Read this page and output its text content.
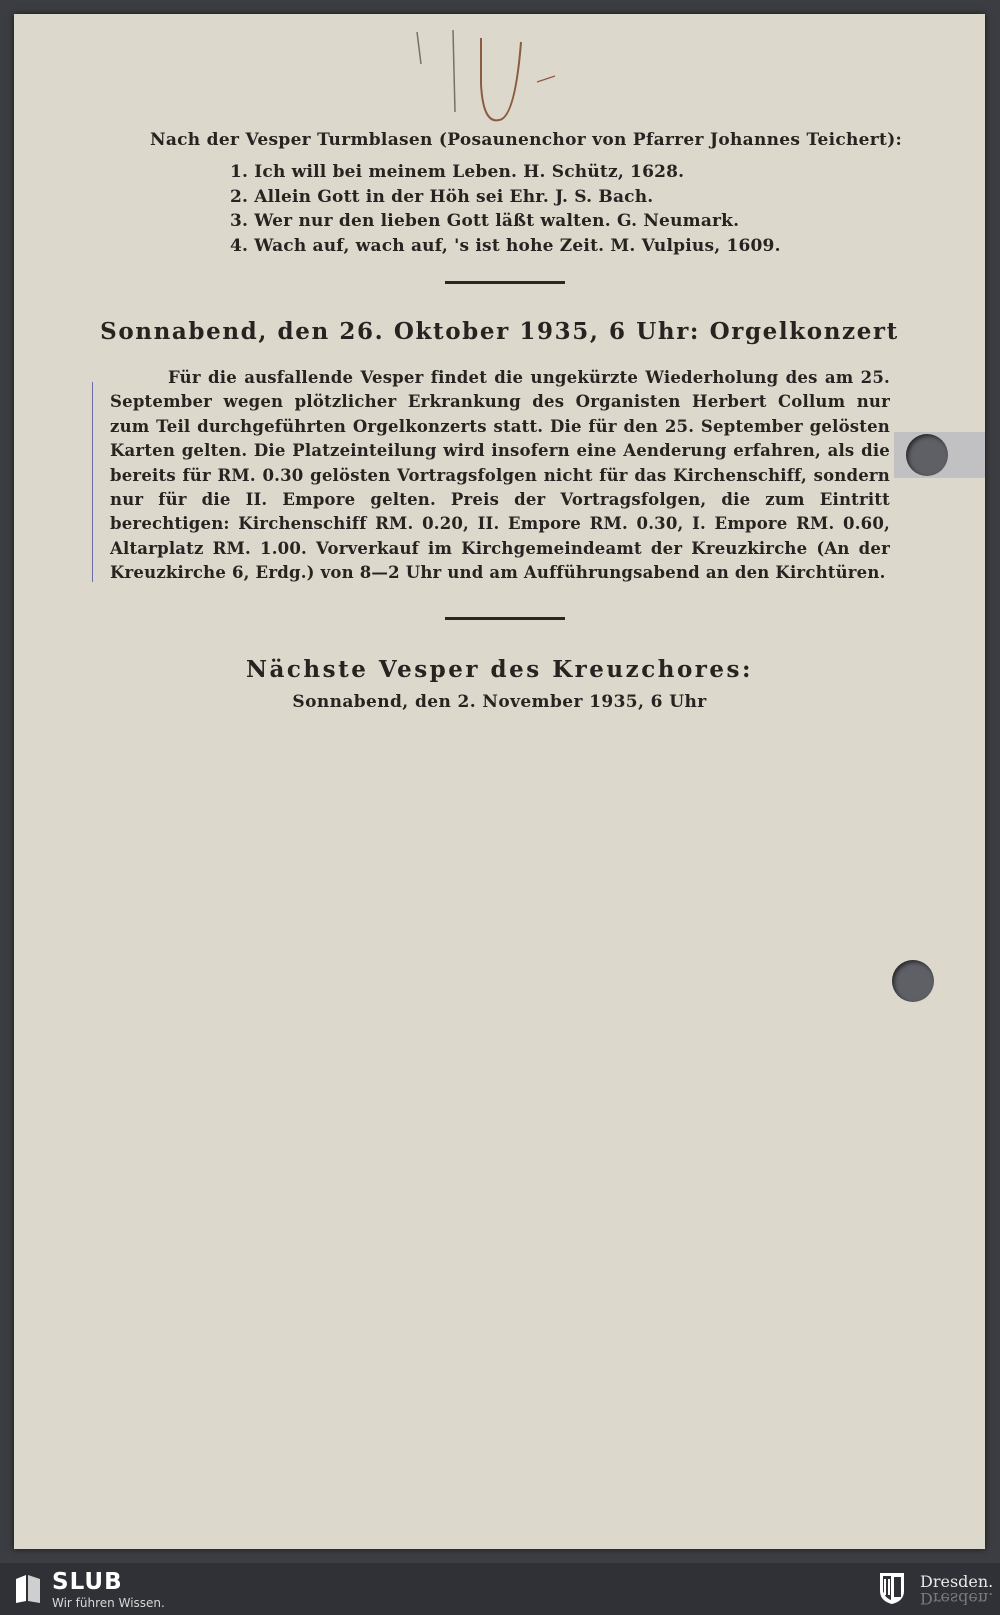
Nach der Vesper Turmblasen (Posaunenchor von Pfarrer Johannes Teichert):
1. Ich will bei meinem Leben. H. Schütz, 1628.
2. Allein Gott in der Höh sei Ehr. J. S. Bach.
3. Wer nur den lieben Gott läßt walten. G. Neumark.
4. Wach auf, wach auf, 's ist hohe Zeit. M. Vulpius, 1609.
Sonnabend, den 26. Oktober 1935, 6 Uhr: Orgelkonzert
Für die ausfallende Vesper findet die ungekürzte Wiederholung des am 25. September wegen plötzlicher Erkrankung des Organisten Herbert Collum nur zum Teil durchgeführten Orgelkonzerts statt. Die für den 25. September gelösten Karten gelten. Die Platzeinteilung wird insofern eine Aenderung erfahren, als die bereits für RM. 0.30 gelösten Vortragsfolgen nicht für das Kirchenschiff, sondern nur für die II. Empore gelten. Preis der Vortragsfolgen, die zum Eintritt berechtigen: Kirchenschiff RM. 0.20, II. Empore RM. 0.30, I. Empore RM. 0.60, Altarplatz RM. 1.00. Vorverkauf im Kirchgemeindeamt der Kreuzkirche (An der Kreuzkirche 6, Erdg.) von 8—2 Uhr und am Aufführungsabend an den Kirchtüren.
Nächste Vesper des Kreuzchores:
Sonnabend, den 2. November 1935, 6 Uhr
SLUB
Wir führen Wissen.
Dresden.
Dresden.
